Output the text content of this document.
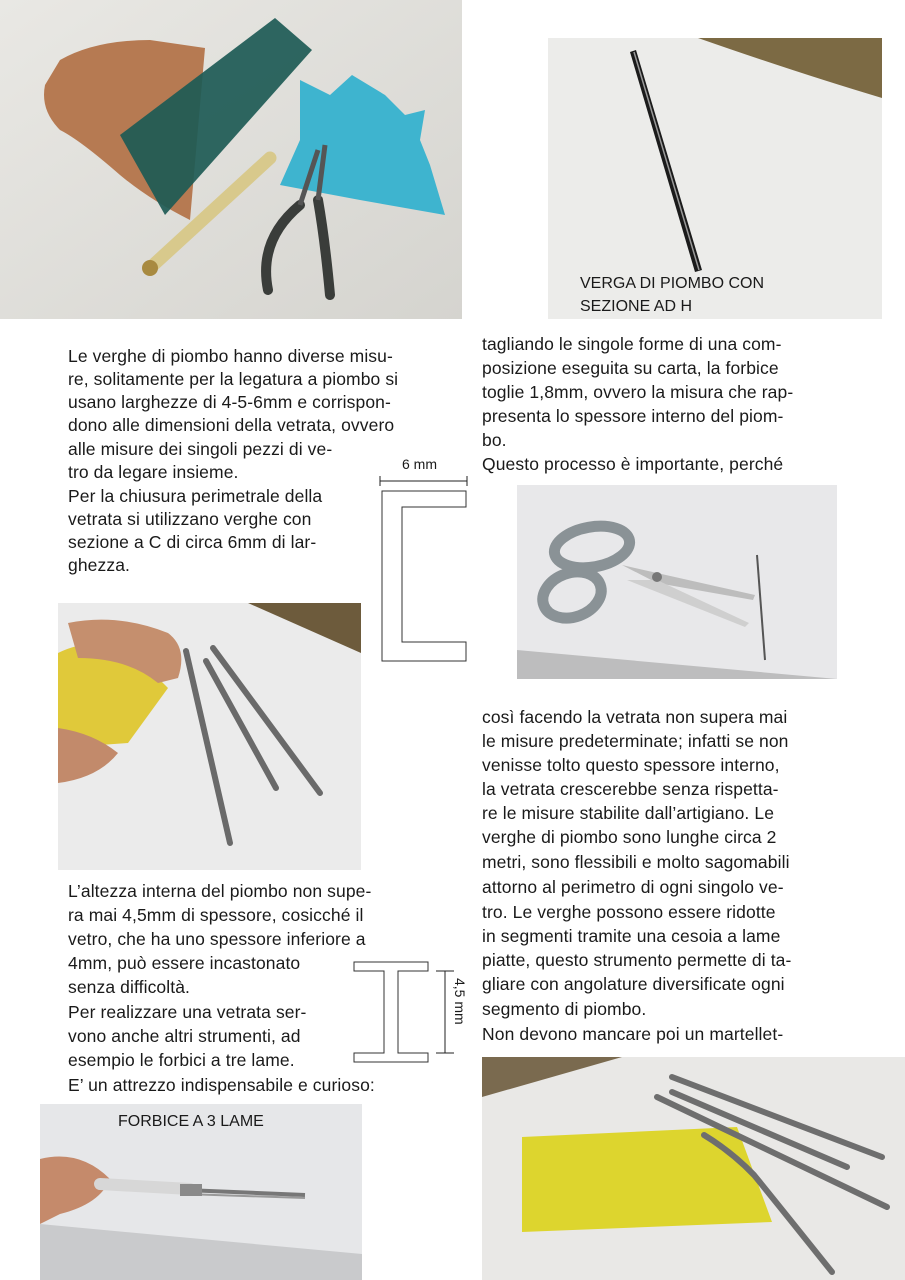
VERGA DI PIOMBO CON
SEZIONE AD H

Le verghe di piombo hanno diverse misu-

re, solitamente per la legatura a piombo si

usano larghezze di 4-5-6mm e corrispon-

dono alle dimensioni della vetrata, ovvero

alle misure dei singoli pezzi di ve-

tro da legare insieme.

Per la chiusura perimetrale della

vetrata si utilizzano verghe con

sezione a C di circa 6mm di lar-

ghezza.

6 mm

tagliando le singole forme di una com-

posizione eseguita su carta, la forbice

toglie 1,8mm, ovvero la misura che rap-

presenta lo spessore interno del piom-

bo.

Questo processo è importante, perché

così facendo la vetrata non supera mai

le misure predeterminate; infatti se non

venisse tolto questo spessore interno,

la vetrata crescerebbe senza rispetta-

re le misure stabilite dall’artigiano. Le

verghe di piombo sono lunghe circa 2

metri, sono flessibili e molto sagomabili

attorno al perimetro di ogni singolo ve-

tro. Le verghe possono essere ridotte

in segmenti tramite una cesoia a lame

piatte, questo strumento permette di ta-

gliare con angolature diversificate ogni

segmento di piombo.

Non devono mancare poi un martellet-

L’altezza interna del piombo non supe-

ra mai 4,5mm di spessore, cosicché il

vetro, che ha uno spessore inferiore a

4mm, può essere incastonato

senza difficoltà.

Per realizzare una vetrata ser-

vono anche altri strumenti, ad

esempio le forbici a tre lame.

E’ un attrezzo indispensabile e curioso:

4,5 mm
FORBICE A 3 LAME
